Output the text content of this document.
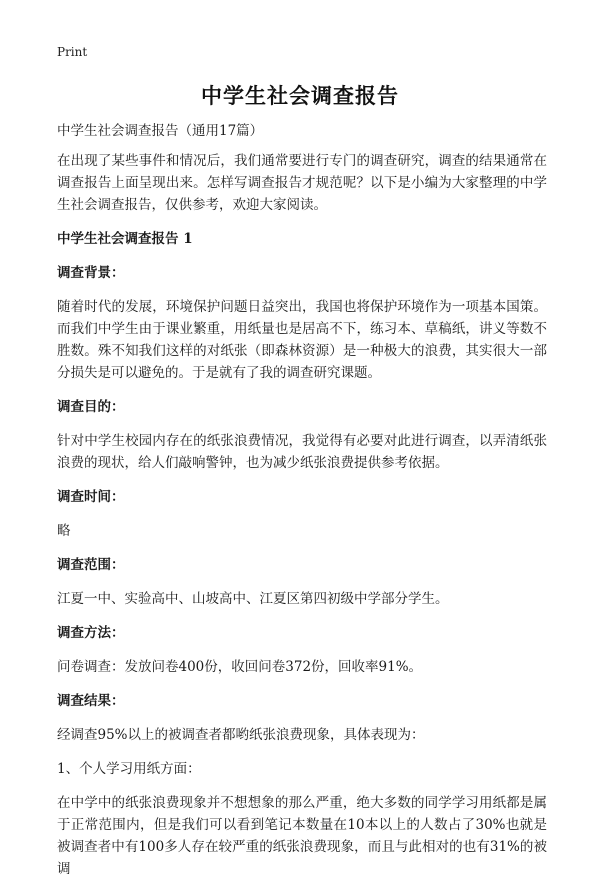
Print
中学生社会调查报告
中学生社会调查报告（通用17篇）
在出现了某些事件和情况后，我们通常要进行专门的调查研究，调查的结果通常在调查报告上面呈现出来。怎样写调查报告才规范呢？以下是小编为大家整理的中学生社会调查报告，仅供参考，欢迎大家阅读。
中学生社会调查报告 1
调查背景：
随着时代的发展，环境保护问题日益突出，我国也将保护环境作为一项基本国策。而我们中学生由于课业繁重，用纸量也是居高不下，练习本、草稿纸，讲义等数不胜数。殊不知我们这样的对纸张（即森林资源）是一种极大的浪费，其实很大一部分损失是可以避免的。于是就有了我的调查研究课题。
调查目的：
针对中学生校园内存在的纸张浪费情况，我觉得有必要对此进行调查，以弄清纸张浪费的现状，给人们敲响警钟，也为减少纸张浪费提供参考依据。
调查时间：
略
调查范围：
江夏一中、实验高中、山坡高中、江夏区第四初级中学部分学生。
调查方法：
问卷调查：发放问卷400份，收回问卷372份，回收率91%。
调查结果：
经调查95%以上的被调查者都哟纸张浪费现象，具体表现为：
1、个人学习用纸方面：
在中学中的纸张浪费现象并不想想象的那么严重，绝大多数的同学学习用纸都是属于正常范围内，但是我们可以看到笔记本数量在10本以上的人数占了30%也就是被调查者中有100多人存在较严重的纸张浪费现象，而且与此相对的也有31%的被调
